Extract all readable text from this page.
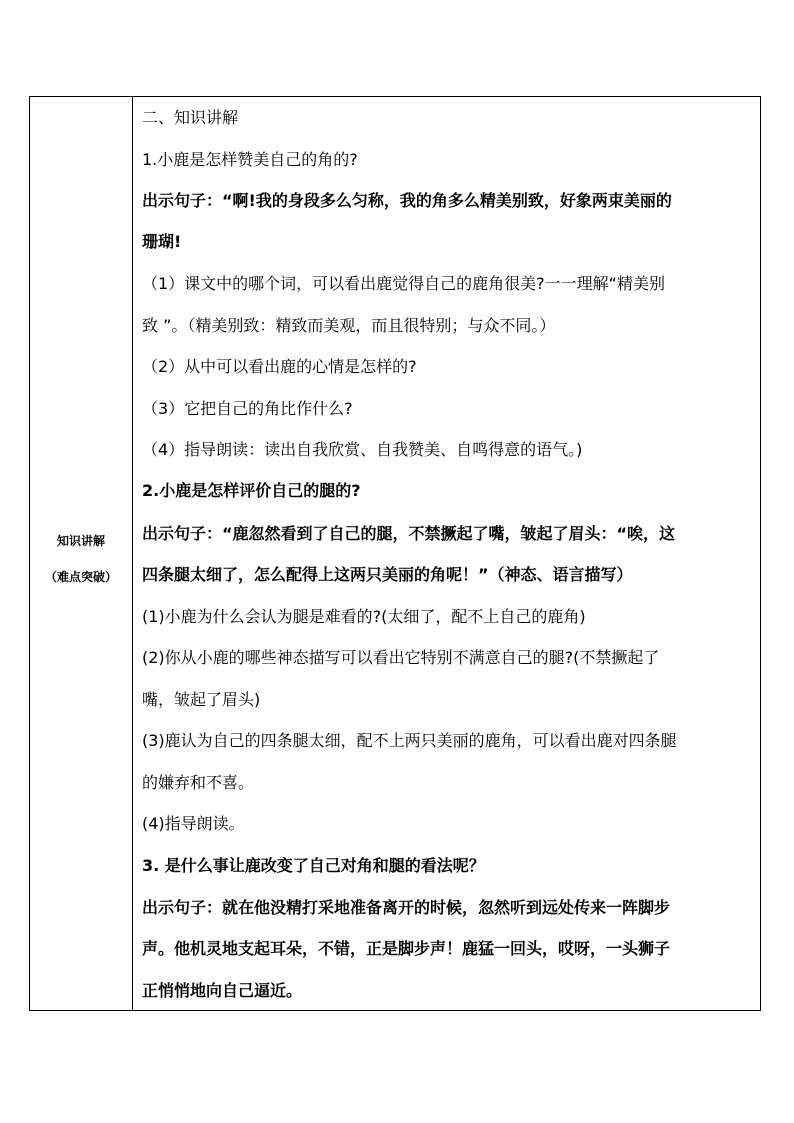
知识讲解
（难点突破）
二、知识讲解
1.小鹿是怎样赞美自己的角的?
出示句子：“啊!我的身段多么匀称，我的角多么精美别致，好象两束美丽的
珊瑚!
（1）课文中的哪个词，可以看出鹿觉得自己的鹿角很美?一一理解“精美别
致 ”。（精美别致：精致而美观，而且很特别；与众不同。）
（2）从中可以看出鹿的心情是怎样的?
（3）它把自己的角比作什么?
（4）指导朗读：读出自我欣赏、自我赞美、自鸣得意的语气。)
2.小鹿是怎样评价自己的腿的?
出示句子：“鹿忽然看到了自己的腿，不禁撅起了嘴，皱起了眉头：“唉，这
四条腿太细了，怎么配得上这两只美丽的角呢！”（神态、语言描写）
(1)小鹿为什么会认为腿是难看的?(太细了，配不上自己的鹿角)
(2)你从小鹿的哪些神态描写可以看出它特别不满意自己的腿?(不禁撅起了
嘴，皱起了眉头)
(3)鹿认为自己的四条腿太细，配不上两只美丽的鹿角，可以看出鹿对四条腿
的嫌弃和不喜。
(4)指导朗读。
3. 是什么事让鹿改变了自己对角和腿的看法呢？
出示句子：就在他没精打采地准备离开的时候，忽然听到远处传来一阵脚步
声。他机灵地支起耳朵，不错，正是脚步声！鹿猛一回头，哎呀，一头狮子
正悄悄地向自己逼近。
